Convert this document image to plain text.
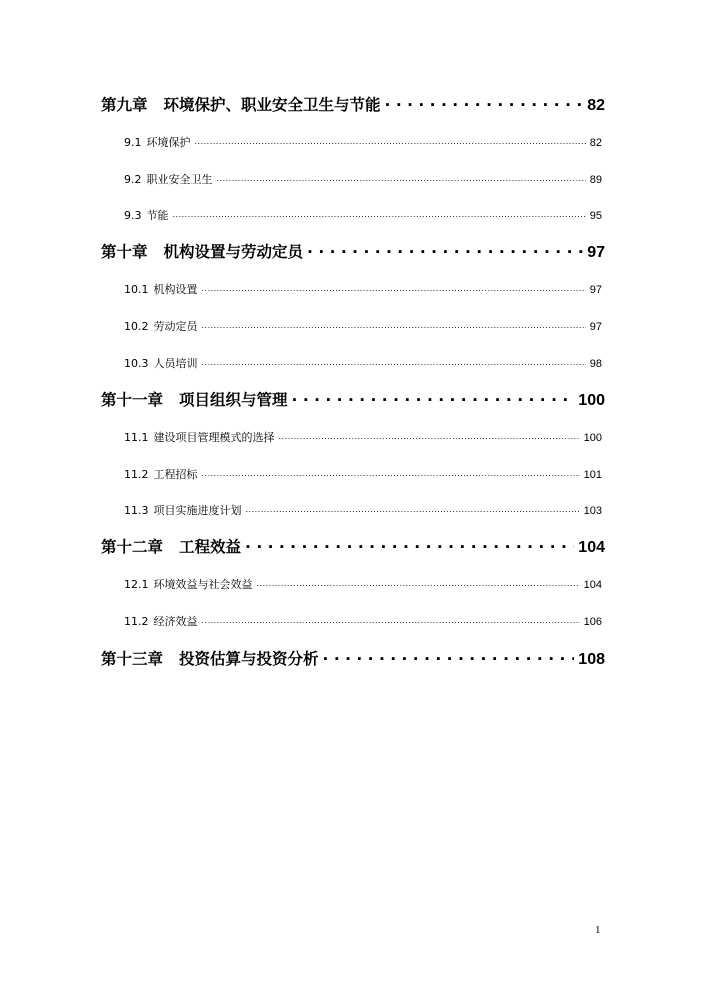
第九章 环境保护、职业安全卫生与节能 . . .	82
9.1 环境保护 .....	82
9.2 职业安全卫生 .....	89
9.3 节能 .....	95
第十章 机构设置与劳动定员 . . .	97
10.1 机构设置 .....	97
10.2 劳动定员 .....	97
10.3 人员培训 .....	98
第十一章 项目组织与管理 . . .	100
11.1 建设项目管理模式的选择 .....	100
11.2 工程招标 .....	101
11.3 项目实施进度计划 .....	103
第十二章 工程效益 . . .	104
12.1 环境效益与社会效益 .....	104
11.2 经济效益 .....	106
第十三章 投资估算与投资分析 . . .	108
1
